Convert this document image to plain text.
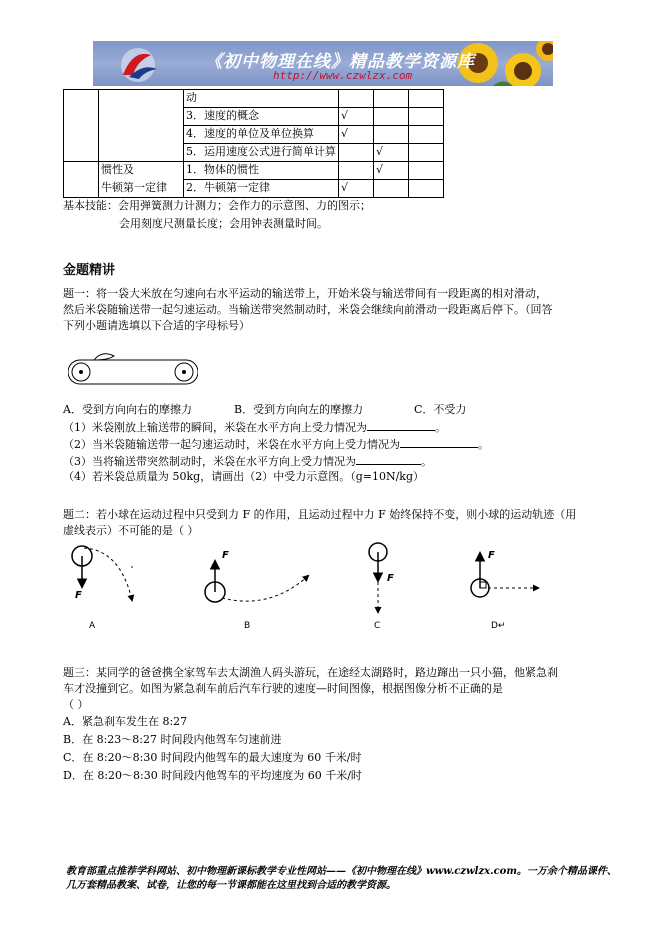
《初中物理在线》精品教学资源库
http://www.czwlzx.com
		动			
		3．速度的概念	√		
		4．速度的单位及单位换算	√		
		5．运用速度公式进行简单计算		√	
	惯性及	1．物体的惯性		√	
	牛顿第一定律	2．牛顿第一定律	√		
基本技能：会用弹簧测力计测力；会作力的示意图、力的图示；
会用刻度尺测量长度；会用钟表测量时间。
金题精讲
题一：将一袋大米放在匀速向右水平运动的输送带上，开始米袋与输送带间有一段距离的相对滑动，
然后米袋随输送带一起匀速运动。当输送带突然制动时，米袋会继续向前滑动一段距离后停下。（回答
下列小题请选填以下合适的字母标号）
A．受到方向向右的摩擦力	B．受到方向向左的摩擦力	C．不受力
（1）米袋刚放上输送带的瞬间，米袋在水平方向上受力情况为	。
（2）当米袋随输送带一起匀速运动时，米袋在水平方向上受力情况为	。
（3）当将输送带突然制动时，米袋在水平方向上受力情况为	。
（4）若米袋总质量为 50kg，请画出（2）中受力示意图。（g=10N/kg）
题二：若小球在运动过程中只受到力 F 的作用，且运动过程中力 F 始终保持不变，则小球的运动轨迹（用
虚线表示）不可能的是（ ）
F
F
F
F
A	B	C	D↵
题三：某同学的爸爸携全家驾车去太湖渔人码头游玩，在途经太湖路时，路边蹿出一只小猫，他紧急刹
车才没撞到它。如图为紧急刹车前后汽车行驶的速度—时间图像，根据图像分析不正确的是
（ ）
A．紧急刹车发生在 8:27
B．在 8:23～8:27 时间段内他驾车匀速前进
C．在 8:20～8:30 时间段内他驾车的最大速度为 60 千米/时
D．在 8:20～8:30 时间段内他驾车的平均速度为 60 千米/时
教育部重点推荐学科网站、初中物理新课标教学专业性网站——《初中物理在线》www.czwlzx.com。一万余个精品课件、
几万套精品教案、试卷，让您的每一节课都能在这里找到合适的教学资源。
